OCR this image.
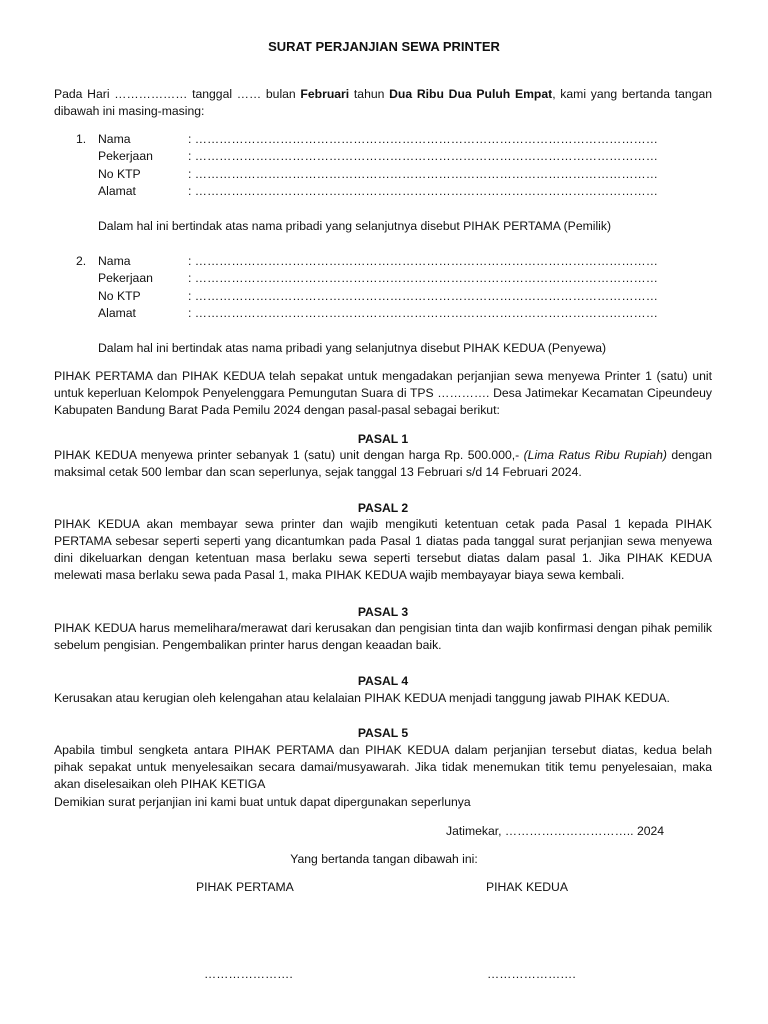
SURAT PERJANJIAN SEWA PRINTER
Pada Hari ……………… tanggal …… bulan Februari tahun Dua Ribu Dua Puluh Empat, kami yang bertanda tangan dibawah ini masing-masing:
1. Nama	: ……………………………………………………………………………………………………
Pekerjaan	: ……………………………………………………………………………………………………
No KTP	: ……………………………………………………………………………………………………
Alamat	: ……………………………………………………………………………………………………
Dalam hal ini bertindak atas nama pribadi yang selanjutnya disebut PIHAK PERTAMA (Pemilik)
2. Nama	: ……………………………………………………………………………………………………
Pekerjaan	: ……………………………………………………………………………………………………
No KTP	: ……………………………………………………………………………………………………
Alamat	: ……………………………………………………………………………………………………
Dalam hal ini bertindak atas nama pribadi yang selanjutnya disebut PIHAK KEDUA (Penyewa)
PIHAK PERTAMA dan PIHAK KEDUA telah sepakat untuk mengadakan perjanjian sewa menyewa Printer 1 (satu) unit untuk keperluan Kelompok Penyelenggara Pemungutan Suara di TPS …………. Desa Jatimekar Kecamatan Cipeundeuy Kabupaten Bandung Barat Pada Pemilu 2024 dengan pasal-pasal sebagai berikut:
PASAL 1
PIHAK KEDUA menyewa printer sebanyak 1 (satu) unit dengan harga Rp. 500.000,- (Lima Ratus Ribu Rupiah) dengan maksimal cetak 500 lembar dan scan seperlunya, sejak tanggal 13 Februari s/d 14 Februari 2024.
PASAL 2
PIHAK KEDUA akan membayar sewa printer dan wajib mengikuti ketentuan cetak pada Pasal 1 kepada PIHAK PERTAMA sebesar seperti seperti yang dicantumkan pada Pasal 1 diatas pada tanggal surat perjanjian sewa menyewa dini dikeluarkan dengan ketentuan masa berlaku sewa seperti tersebut diatas dalam pasal 1. Jika PIHAK KEDUA melewati masa berlaku sewa pada Pasal 1, maka PIHAK KEDUA wajib membayayar biaya sewa kembali.
PASAL 3
PIHAK KEDUA harus memelihara/merawat dari kerusakan dan pengisian tinta dan wajib konfirmasi dengan pihak pemilik sebelum pengisian. Pengembalikan printer harus dengan keaadan baik.
PASAL 4
Kerusakan atau kerugian oleh kelengahan atau kelalaian PIHAK KEDUA menjadi tanggung jawab PIHAK KEDUA.
PASAL 5
Apabila timbul sengketa antara PIHAK PERTAMA dan PIHAK KEDUA dalam perjanjian tersebut diatas, kedua belah pihak sepakat untuk menyelesaikan secara damai/musyawarah. Jika tidak menemukan titik temu penyelesaian, maka akan diselesaikan oleh PIHAK KETIGA
Demikian surat perjanjian ini kami buat untuk dapat dipergunakan seperlunya
Jatimekar, ………………………….. 2024
Yang bertanda tangan dibawah ini:
PIHAK PERTAMA	PIHAK KEDUA
………………….	………………….
